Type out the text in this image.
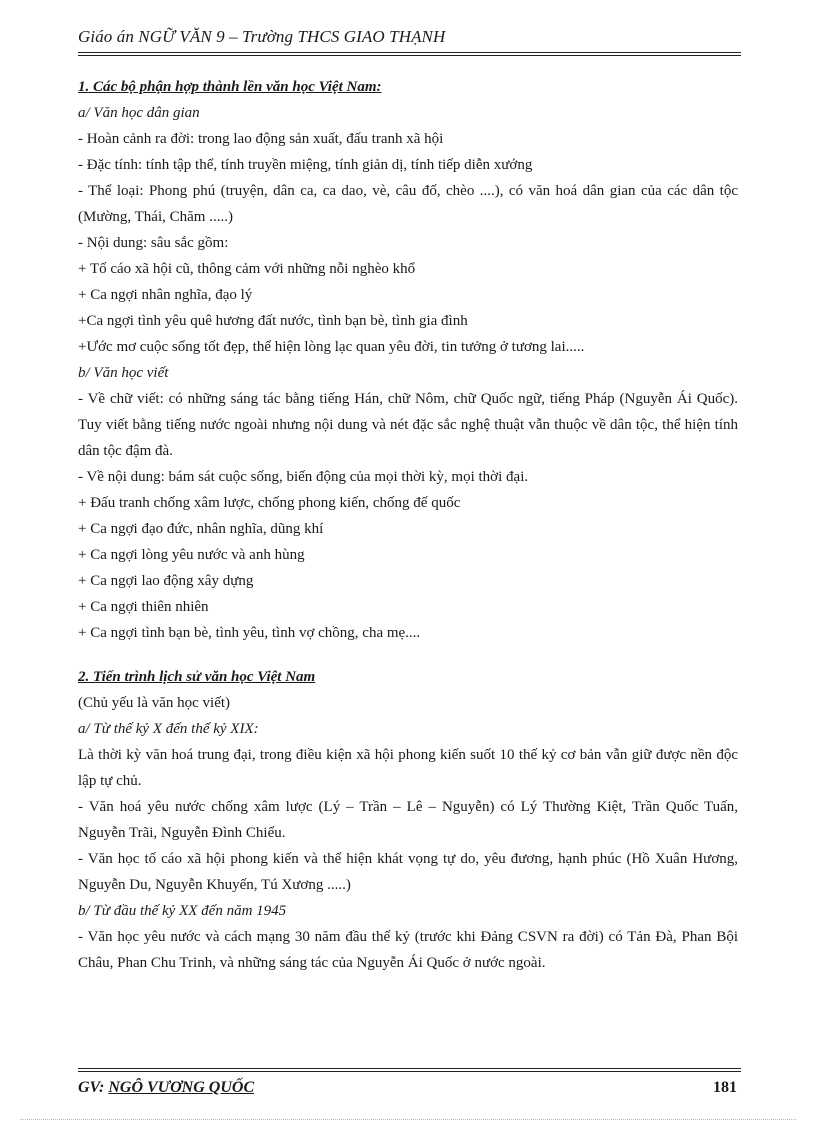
Giáo án NGỮ VĂN 9 – Trường THCS GIAO THẠNH

1. Các bộ phận hợp thành lền văn học Việt Nam:

a/ Văn học dân gian

- Hoàn cảnh ra đời: trong lao động sản xuất, đấu tranh xã hội

- Đặc tính: tính tập thể, tính truyền miệng, tính giản dị, tính tiếp diễn xướng

- Thể loại: Phong phú (truyện, dân ca, ca dao, vè, câu đố, chèo ....), có văn hoá dân gian của các dân tộc (Mường, Thái, Chăm .....)

- Nội dung: sâu sắc gồm:

+ Tố cáo xã hội cũ, thông cảm với những nỗi nghèo khổ

+ Ca ngợi nhân nghĩa, đạo lý

+Ca ngợi tình yêu quê hương đất nước, tình bạn bè, tình gia đình

+Ước mơ cuộc sống tốt đẹp, thể hiện lòng lạc quan yêu đời, tin tưởng ở tương lai.....

b/ Văn học viết

- Về chữ viết: có những sáng tác bằng tiếng Hán, chữ Nôm, chữ Quốc ngữ, tiếng Pháp (Nguyễn Ái Quốc). Tuy viết bằng tiếng nước ngoài nhưng nội dung và nét đặc sắc nghệ thuật vẫn thuộc về dân tộc, thể hiện tính dân tộc đậm đà.

- Về nội dung: bám sát cuộc sống, biến động của mọi thời kỳ, mọi thời đại.

+ Đấu tranh chống xâm lược, chống phong kiến, chống đế quốc

+ Ca ngợi đạo đức, nhân nghĩa, dũng khí

+ Ca ngợi lòng yêu nước và anh hùng

+ Ca ngợi lao động xây dựng

+ Ca ngợi thiên nhiên

+ Ca ngợi tình bạn bè, tình yêu, tình vợ chồng, cha mẹ....

2. Tiến trình lịch sử văn học Việt Nam

(Chủ yếu là văn học viết)

a/ Từ thế kỷ X đến thế kỷ XIX:

Là thời kỳ văn hoá trung đại, trong điều kiện xã hội phong kiến suốt 10 thế kỷ cơ bản vẫn giữ được nền độc lập tự chủ.

- Văn hoá yêu nước chống xâm lược (Lý – Trần – Lê – Nguyễn) có Lý Thường Kiệt, Trần Quốc Tuấn, Nguyễn Trãi, Nguyễn Đình Chiểu.

- Văn học tố cáo xã hội phong kiến và thể hiện khát vọng tự do, yêu đương, hạnh phúc (Hồ Xuân Hương, Nguyễn Du, Nguyễn Khuyến, Tú Xương .....)

b/ Từ đầu thế kỷ XX đến năm 1945

- Văn học yêu nước và cách mạng 30 năm đầu thế kỷ (trước khi Đảng CSVN ra đời) có Tản Đà, Phan Bội Châu, Phan Chu Trinh, và những sáng tác của Nguyễn Ái Quốc ở nước ngoài.

GV: NGÔ VƯƠNG QUỐC	181
